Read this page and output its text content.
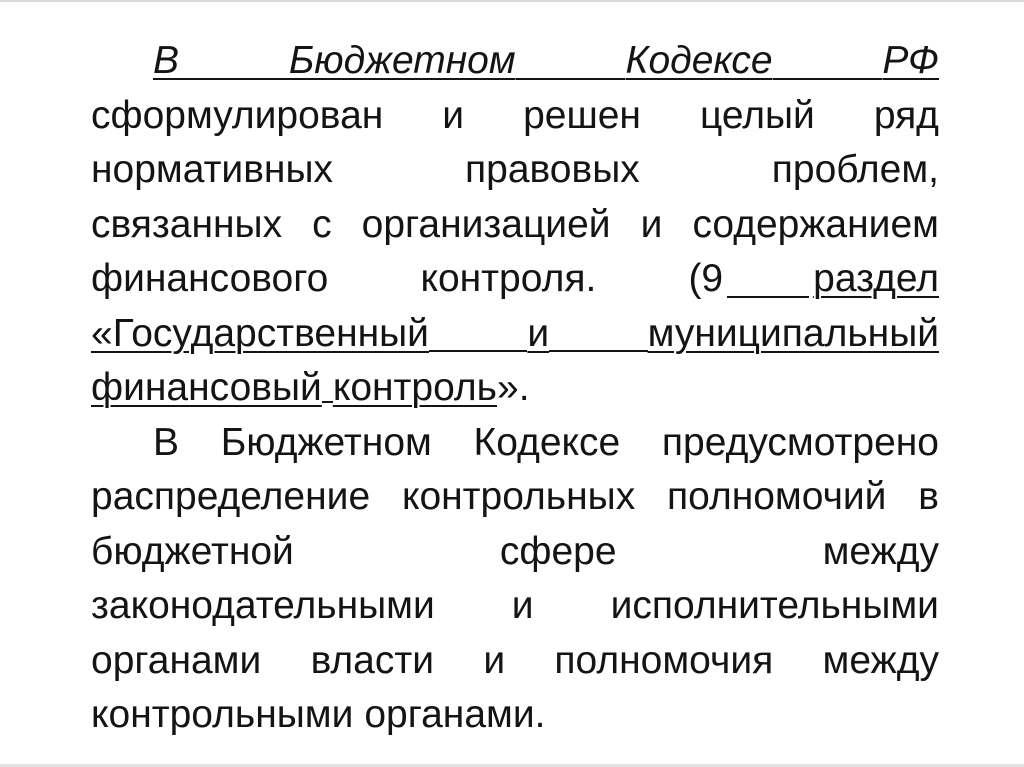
В	Бюджетном	Кодексе	РФ
сформулирован и решен целый ряд
нормативных	правовых	проблем,
связанных с организацией и содержанием
финансового контроля. (9 раздел
«Государственный	и	муниципальный
финансовый контроль ».
В Бюджетном Кодексе предусмотрено
распределение контрольных полномочий в
бюджетной	сфере	между
законодательными и исполнительными
органами власти и полномочия между
контрольными органами.
